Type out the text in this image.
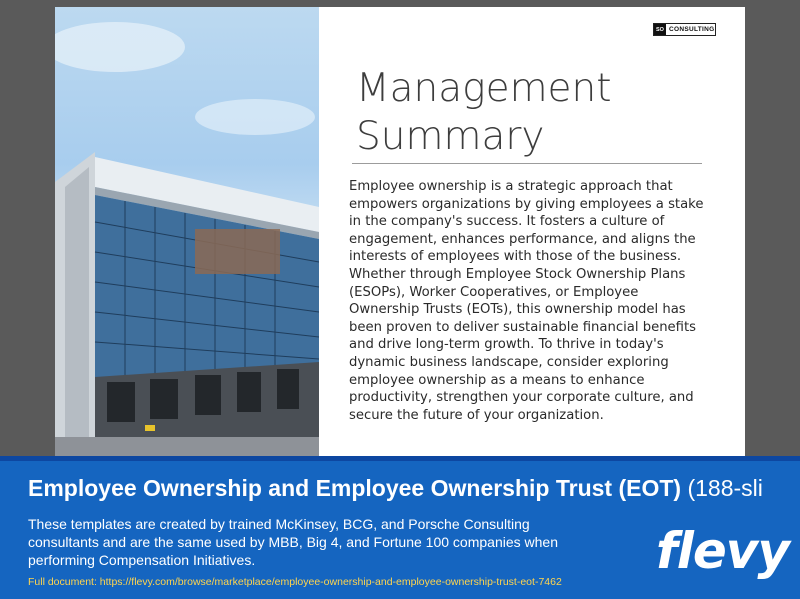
SO CONSULTING
Management
Summary
Employee ownership is a strategic approach that empowers organizations by giving employees a stake in the company's success. It fosters a culture of engagement, enhances performance, and aligns the interests of employees with those of the business. Whether through Employee Stock Ownership Plans (ESOPs), Worker Cooperatives, or Employee Ownership Trusts (EOTs), this ownership model has been proven to deliver sustainable financial benefits and drive long-term growth. To thrive in today's dynamic business landscape, consider exploring employee ownership as a means to enhance productivity, strengthen your corporate culture, and secure the future of your organization.
Employee Ownership and Employee Ownership Trust (EOT) (188-sli
These templates are created by trained McKinsey, BCG, and Porsche Consulting consultants and are the same used by MBB, Big 4, and Fortune 100 companies when performing Compensation Initiatives.
Full document: https://flevy.com/browse/marketplace/employee-ownership-and-employee-ownership-trust-eot-7462
flevy
